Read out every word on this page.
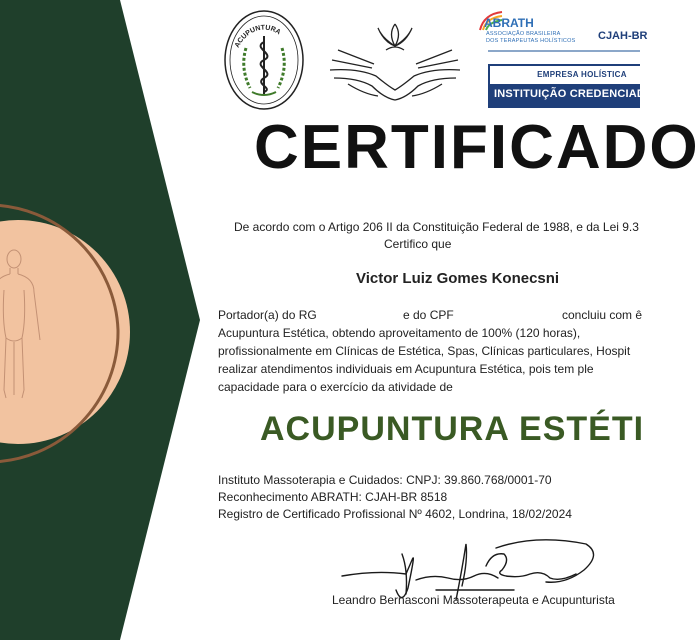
ACUPUNTURA
ABRATH
ASSOCIAÇÃO BRASILEIRA
DOS TERAPEUTAS HOLÍSTICOS CJAH-BR
EMPRESA HOLÍSTICA
INSTITUIÇÃO CREDENCIADA
CERTIFICADO
De acordo com o Artigo 206 II da Constituição Federal de 1988, e da Lei 9.3
Certifico que
Victor Luiz Gomes Konecsni
Portador(a) do RG	e do CPF	concluiu com ê
Acupuntura Estética, obtendo aproveitamento de 100% (120 horas),
profissionalmente em Clínicas de Estética, Spas, Clínicas particulares, Hospit
realizar atendimentos individuais em Acupuntura Estética, pois tem ple
capacidade para o exercício da atividade de
ACUPUNTURA ESTÉTI
Instituto Massoterapia e Cuidados: CNPJ: 39.860.768/0001-70
Reconhecimento ABRATH: CJAH-BR 8518
Registro de Certificado Profissional Nº 4602, Londrina, 18/02/2024
Leandro Bernasconi Massoterapeuta e Acupunturista
